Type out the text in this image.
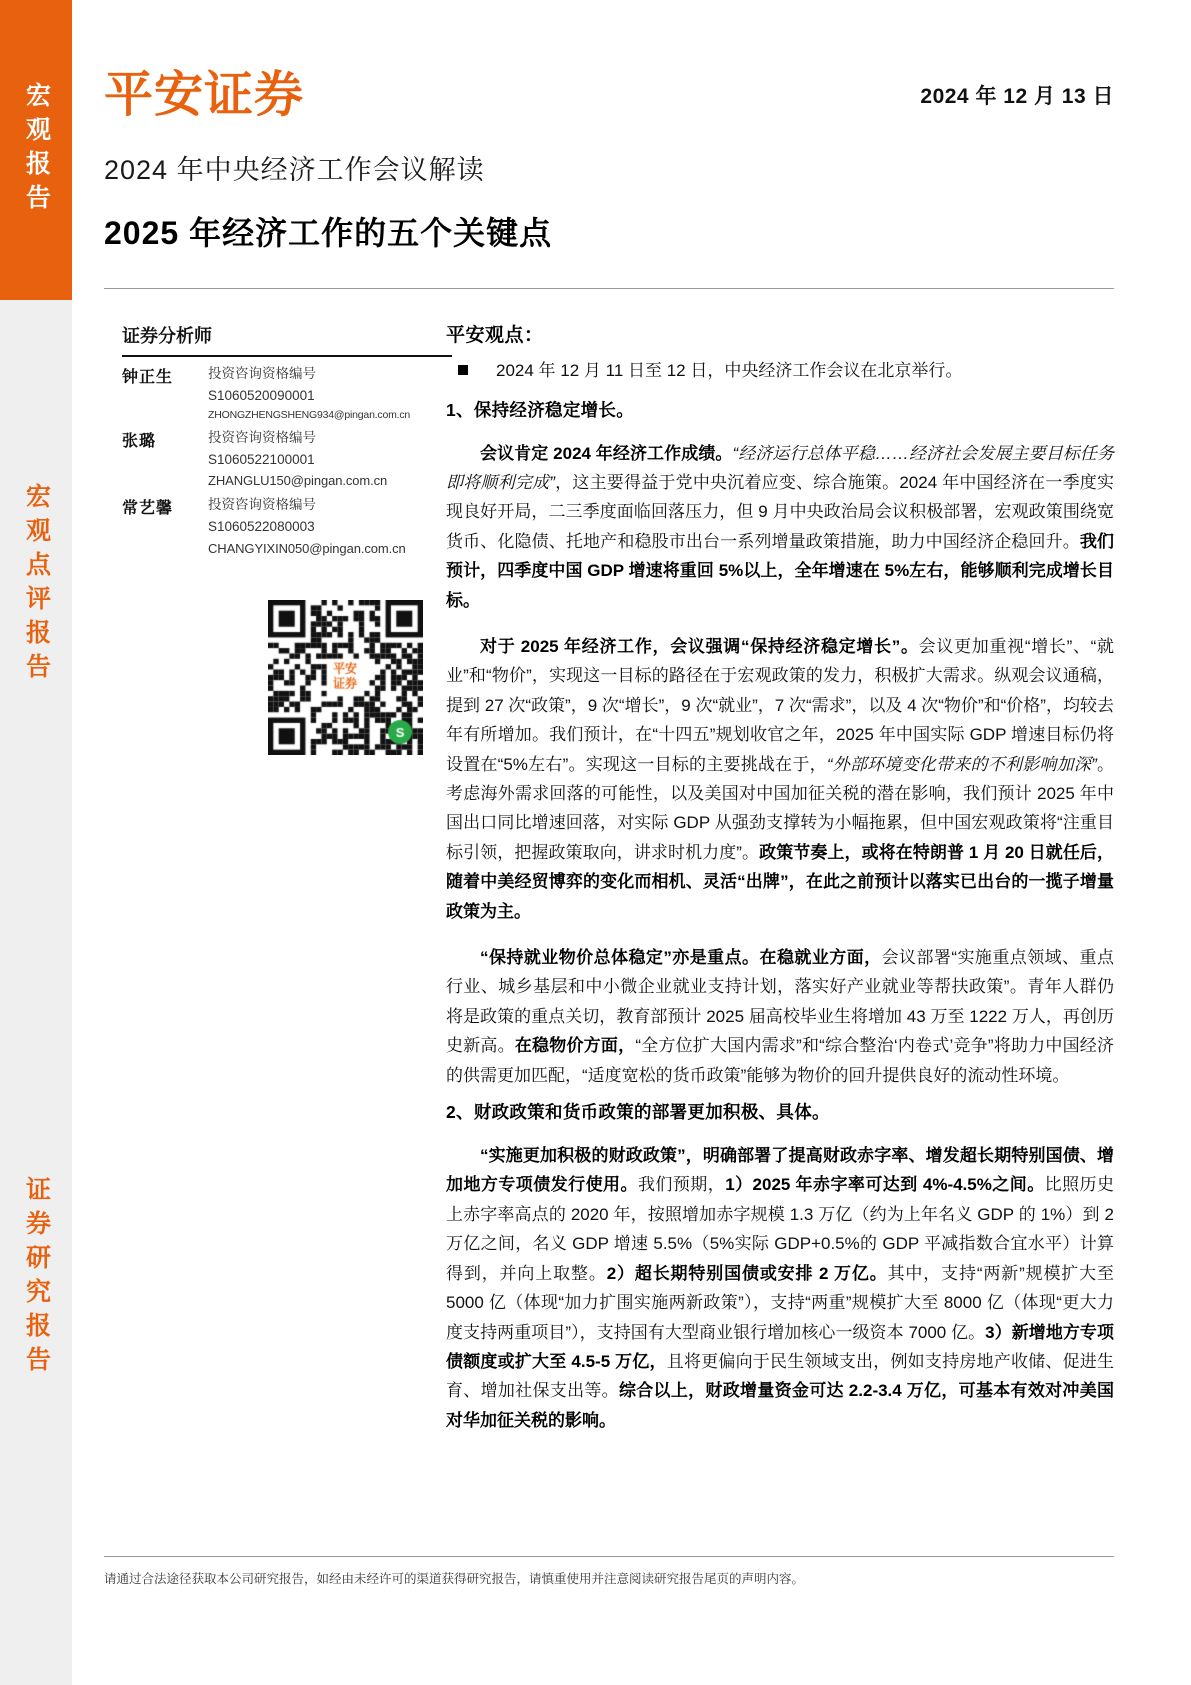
宏观报告
宏观点评报告
证券研究报告
平安证券	2024 年 12 月 13 日
2024 年中央经济工作会议解读
2025 年经济工作的五个关键点
证券分析师
钟正生	投资咨询资格编号
S1060520090001
ZHONGZHENGSHENG934@pingan.com.cn
张璐	投资咨询资格编号
S1060522100001
ZHANGLU150@pingan.com.cn
常艺馨	投资咨询资格编号
S1060522080003
CHANGYIXIN050@pingan.com.cn
平安观点：
2024 年 12 月 11 日至 12 日，中央经济工作会议在北京举行。
1、保持经济稳定增长。

会议肯定 2024 年经济工作成绩。“经济运行总体平稳……经济社会发展主要目标任务即将顺利完成”，这主要得益于党中央沉着应变、综合施策。2024 年中国经济在一季度实现良好开局，二三季度面临回落压力，但 9 月中央政治局会议积极部署，宏观政策围绕宽货币、化隐债、托地产和稳股市出台一系列增量政策措施，助力中国经济企稳回升。我们预计，四季度中国 GDP 增速将重回 5%以上，全年增速在 5%左右，能够顺利完成增长目标。

对于 2025 年经济工作，会议强调“保持经济稳定增长”。会议更加重视“增长”、“就业”和“物价”，实现这一目标的路径在于宏观政策的发力，积极扩大需求。纵观会议通稿，提到 27 次“政策”，9 次“增长”，9 次“就业”，7 次“需求”，以及 4 次“物价”和“价格”，均较去年有所增加。我们预计，在“十四五”规划收官之年，2025 年中国实际 GDP 增速目标仍将设置在“5%左右”。实现这一目标的主要挑战在于，“外部环境变化带来的不利影响加深”。考虑海外需求回落的可能性，以及美国对中国加征关税的潜在影响，我们预计 2025 年中国出口同比增速回落，对实际 GDP 从强劲支撑转为小幅拖累，但中国宏观政策将“注重目标引领，把握政策取向，讲求时机力度”。政策节奏上，或将在特朗普 1 月 20 日就任后，随着中美经贸博弈的变化而相机、灵活“出牌”，在此之前预计以落实已出台的一揽子增量政策为主。

“保持就业物价总体稳定”亦是重点。在稳就业方面，会议部署“实施重点领域、重点行业、城乡基层和中小微企业就业支持计划，落实好产业就业等帮扶政策”。青年人群仍将是政策的重点关切，教育部预计 2025 届高校毕业生将增加 43 万至 1222 万人，再创历史新高。在稳物价方面，“全方位扩大国内需求”和“综合整治‘内卷式’竞争”将助力中国经济的供需更加匹配，“适度宽松的货币政策”能够为物价的回升提供良好的流动性环境。

2、财政政策和货币政策的部署更加积极、具体。

“实施更加积极的财政政策”，明确部署了提高财政赤字率、增发超长期特别国债、增加地方专项债发行使用。我们预期，1）2025 年赤字率可达到 4%-4.5%之间。比照历史上赤字率高点的 2020 年，按照增加赤字规模 1.3 万亿（约为上年名义 GDP 的 1%）到 2 万亿之间，名义 GDP 增速 5.5%（5%实际 GDP+0.5%的 GDP 平减指数合宜水平）计算得到，并向上取整。2）超长期特别国债或安排 2 万亿。其中，支持“两新”规模扩大至 5000 亿（体现“加力扩围实施两新政策”），支持“两重”规模扩大至 8000 亿（体现“更大力度支持两重项目”），支持国有大型商业银行增加核心一级资本 7000 亿。3）新增地方专项债额度或扩大至 4.5-5 万亿，且将更偏向于民生领域支出，例如支持房地产收储、促进生育、增加社保支出等。综合以上，财政增量资金可达 2.2-3.4 万亿，可基本有效对冲美国对华加征关税的影响。

请通过合法途径获取本公司研究报告，如经由未经许可的渠道获得研究报告，请慎重使用并注意阅读研究报告尾页的声明内容。
